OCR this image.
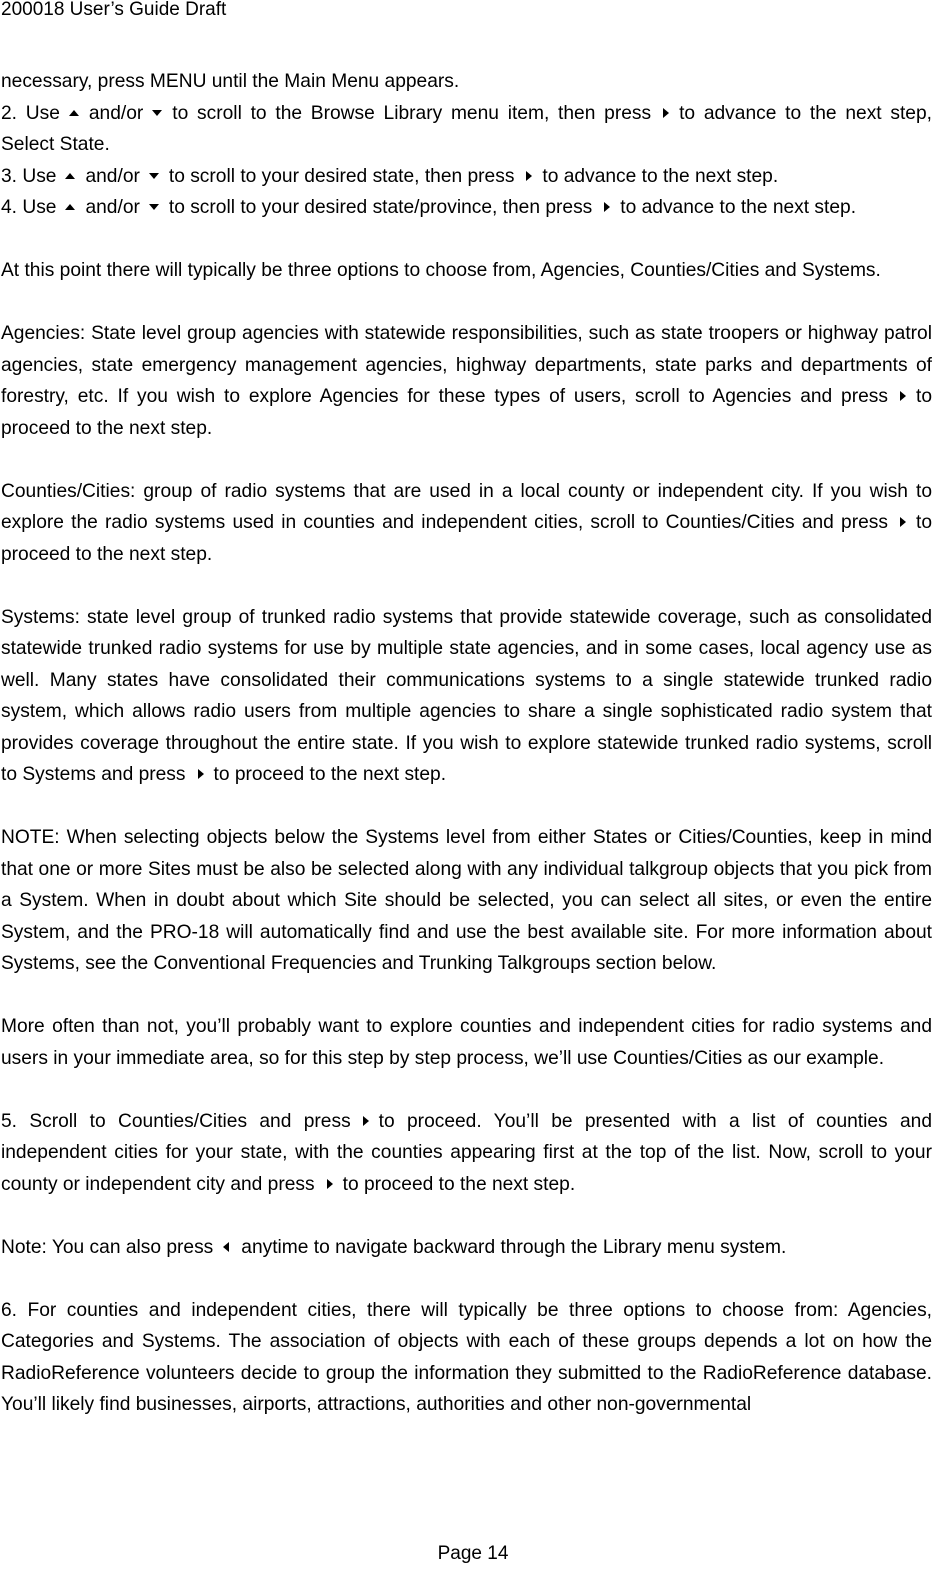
200018 User’s Guide Draft

necessary, press MENU until the Main Menu appears.

2. Use and/or to scroll to the Browse Library menu item, then press to advance to the next step, Select State.

3. Use and/or to scroll to your desired state, then press to advance to the next step.

4. Use and/or to scroll to your desired state/province, then press to advance to the next step.

At this point there will typically be three options to choose from, Agencies, Counties/Cities and Systems.

Agencies: State level group agencies with statewide responsibilities, such as state troopers or highway patrol agencies, state emergency management agencies, highway departments, state parks and departments of forestry, etc. If you wish to explore Agencies for these types of users, scroll to Agencies and press to proceed to the next step.

Counties/Cities: group of radio systems that are used in a local county or independent city. If you wish to explore the radio systems used in counties and independent cities, scroll to Counties/Cities and press to proceed to the next step.

Systems: state level group of trunked radio systems that provide statewide coverage, such as consolidated statewide trunked radio systems for use by multiple state agencies, and in some cases, local agency use as well. Many states have consolidated their communications systems to a single statewide trunked radio system, which allows radio users from multiple agencies to share a single sophisticated radio system that provides coverage throughout the entire state. If you wish to explore statewide trunked radio systems, scroll to Systems and press to proceed to the next step.

NOTE: When selecting objects below the Systems level from either States or Cities/Counties, keep in mind that one or more Sites must be also be selected along with any individual talkgroup objects that you pick from a System. When in doubt about which Site should be selected, you can select all sites, or even the entire System, and the PRO-18 will automatically find and use the best available site. For more information about Systems, see the Conventional Frequencies and Trunking Talkgroups section below.

More often than not, you’ll probably want to explore counties and independent cities for radio systems and users in your immediate area, so for this step by step process, we’ll use Counties/Cities as our example.

5. Scroll to Counties/Cities and press to proceed. You’ll be presented with a list of counties and independent cities for your state, with the counties appearing first at the top of the list. Now, scroll to your county or independent city and press to proceed to the next step.

Note: You can also press anytime to navigate backward through the Library menu system.

6. For counties and independent cities, there will typically be three options to choose from: Agencies, Categories and Systems. The association of objects with each of these groups depends a lot on how the RadioReference volunteers decide to group the information they submitted to the RadioReference database. You’ll likely find businesses, airports, attractions, authorities and other non-governmental

Page 14
